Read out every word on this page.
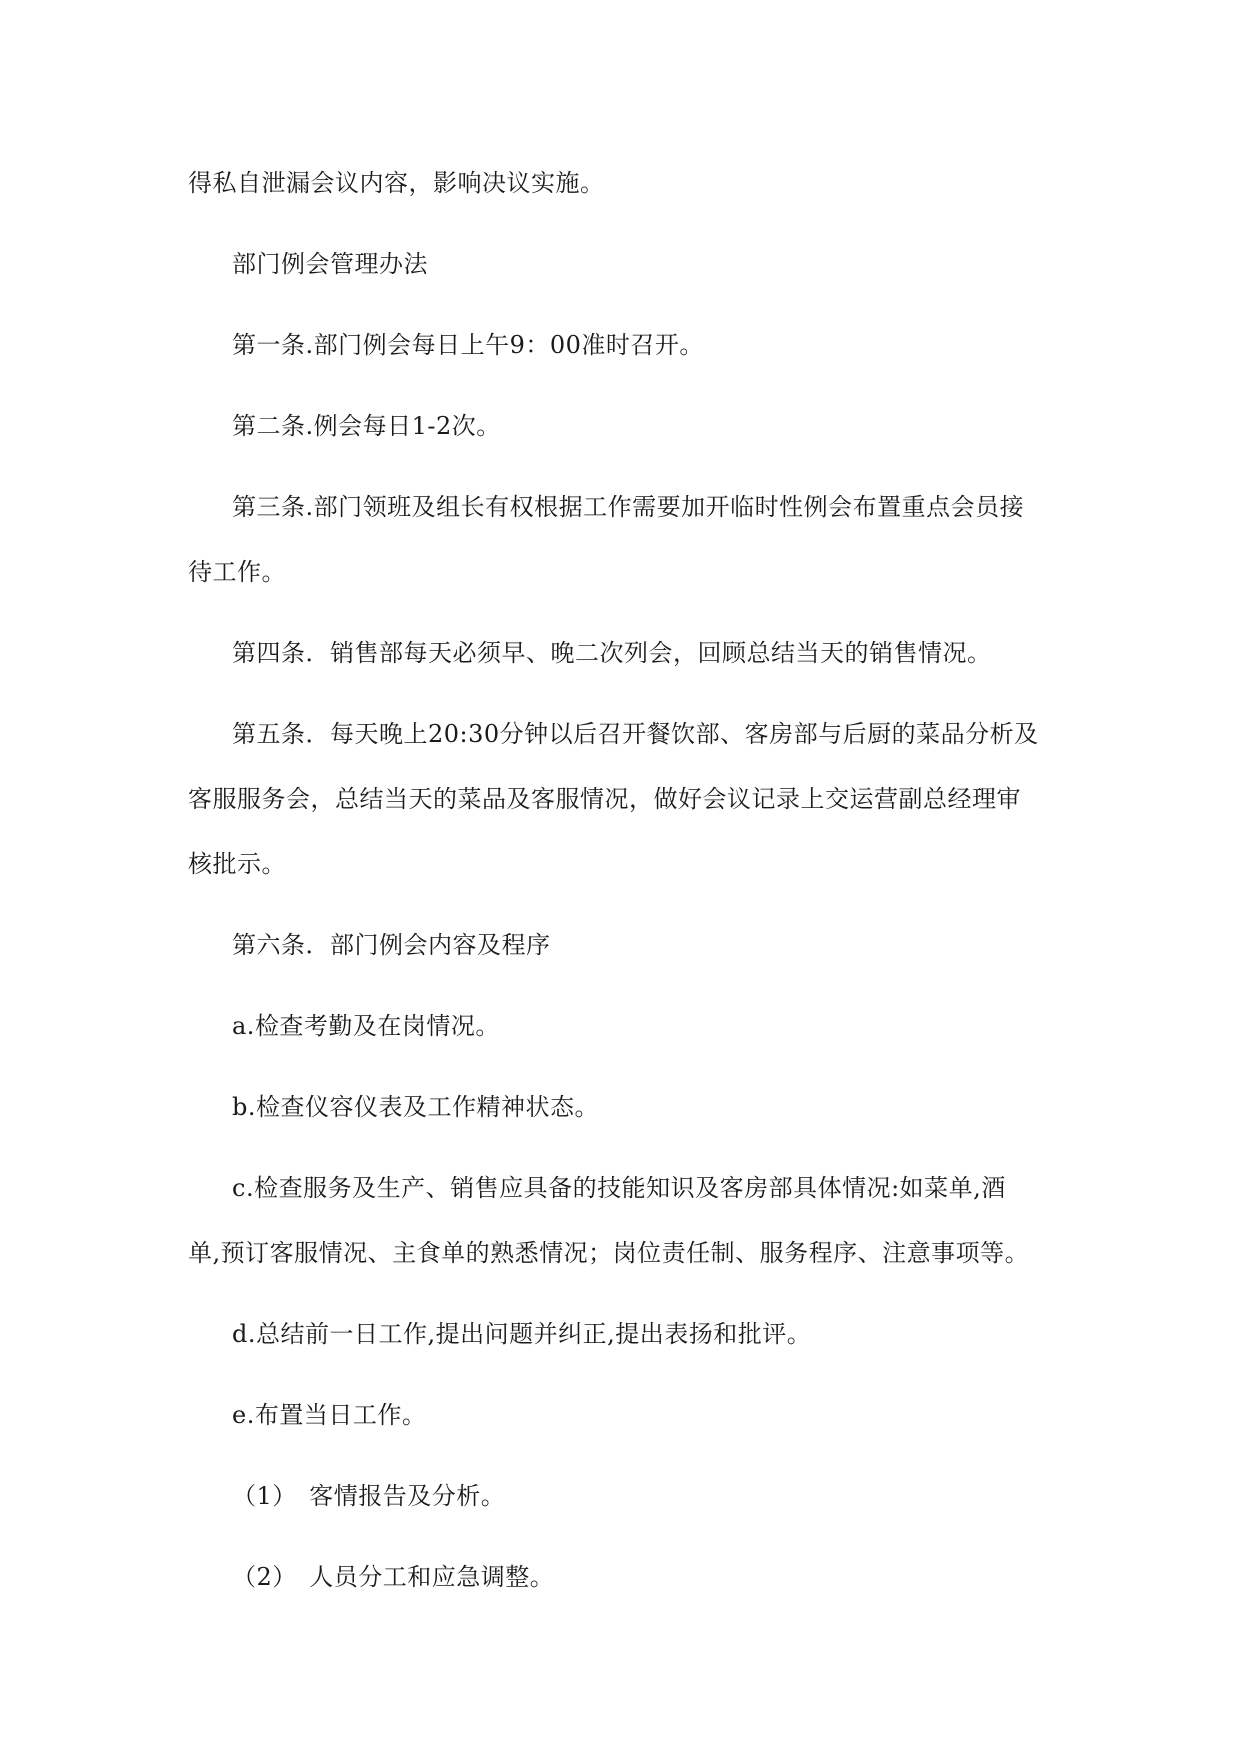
得私自泄漏会议内容，影响决议实施。
部门例会管理办法
第一条.部门例会每日上午9：00准时召开。
第二条.例会每日1-2次。
第三条.部门领班及组长有权根据工作需要加开临时性例会布置重点会员接
待工作。
第四条．销售部每天必须早、晚二次列会，回顾总结当天的销售情况。
第五条．每天晚上20:30分钟以后召开餐饮部、客房部与后厨的菜品分析及
客服服务会，总结当天的菜品及客服情况，做好会议记录上交运营副总经理审
核批示。
第六条．部门例会内容及程序
a.检查考勤及在岗情况。
b.检查仪容仪表及工作精神状态。
c.检查服务及生产、销售应具备的技能知识及客房部具体情况:如菜单,酒
单,预订客服情况、主食单的熟悉情况；岗位责任制、服务程序、注意事项等。
d.总结前一日工作,提出问题并纠正,提出表扬和批评。
e.布置当日工作。
（1）　客情报告及分析。
（2）　人员分工和应急调整。
